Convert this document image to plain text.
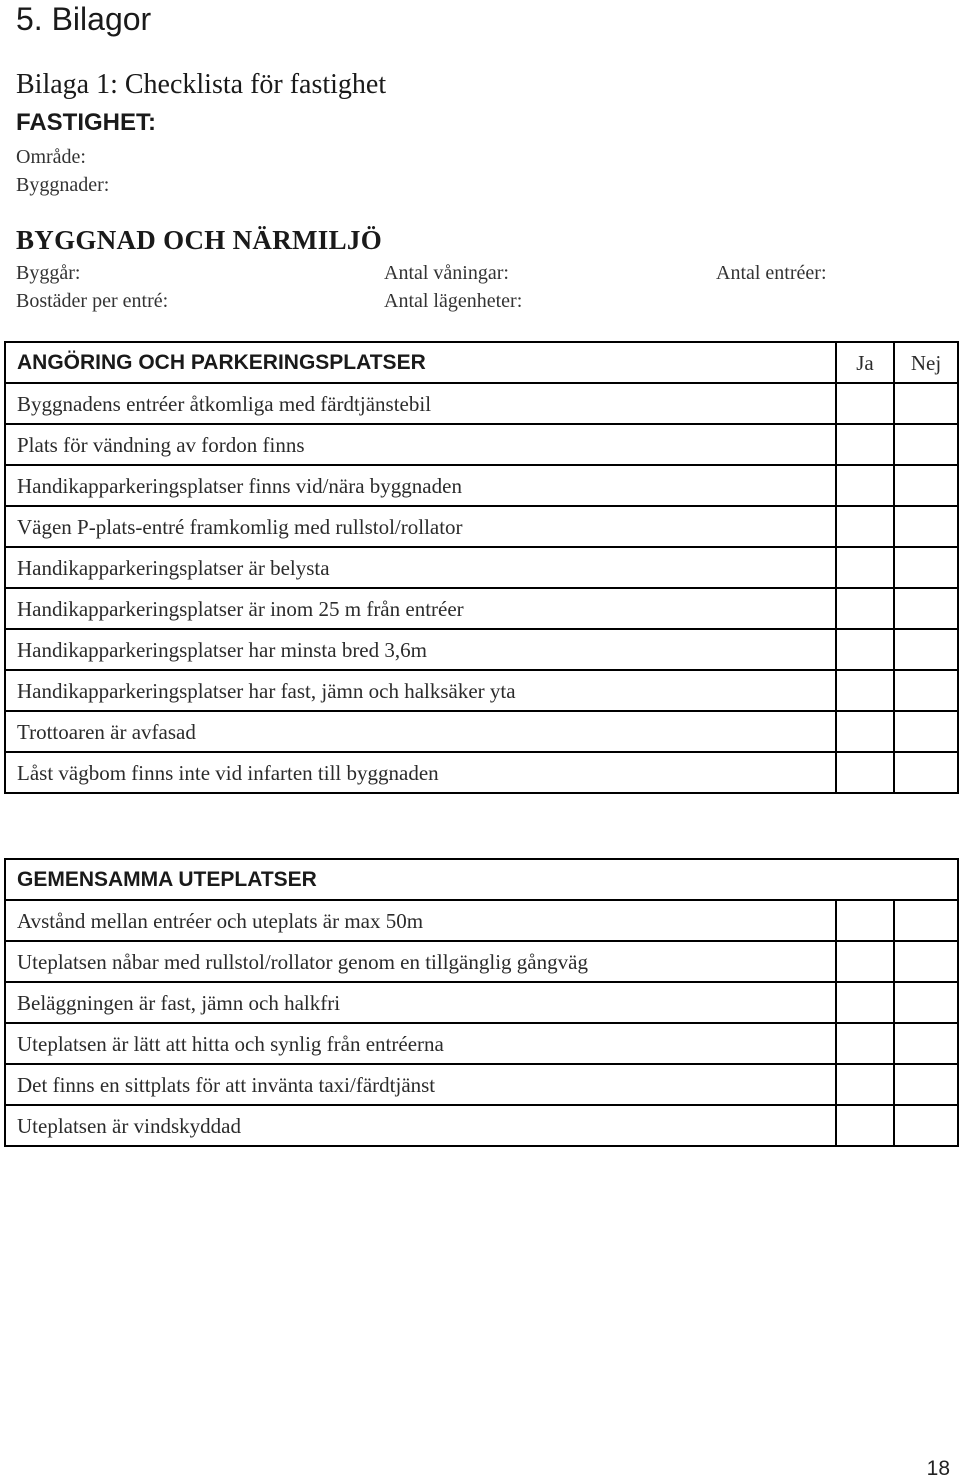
5. Bilagor
Bilaga 1: Checklista för fastighet
FASTIGHET:
Område:
Byggnader:
BYGGNAD OCH NÄRMILJÖ
Byggår:	Antal våningar:	Antal entréer:
Bostäder per entré:	Antal lägenheter:
ANGÖRING OCH PARKERINGSPLATSER	Ja	Nej
Byggnadens entréer åtkomliga med färdtjänstebil		
Plats för vändning av fordon finns		
Handikapparkeringsplatser finns vid/nära byggnaden		
Vägen P-plats-entré framkomlig med rullstol/rollator		
Handikapparkeringsplatser är belysta		
Handikapparkeringsplatser är inom 25 m från entréer		
Handikapparkeringsplatser har minsta bred 3,6m		
Handikapparkeringsplatser har fast, jämn och halksäker yta		
Trottoaren är avfasad		
Låst vägbom finns inte vid infarten till byggnaden		
GEMENSAMMA UTEPLATSER		
Avstånd mellan entréer och uteplats är max 50m		
Uteplatsen nåbar med rullstol/rollator genom en tillgänglig gångväg		
Beläggningen är fast, jämn och halkfri		
Uteplatsen är lätt att hitta och synlig från entréerna		
Det finns en sittplats för att invänta taxi/färdtjänst		
Uteplatsen är vindskyddad		
18
